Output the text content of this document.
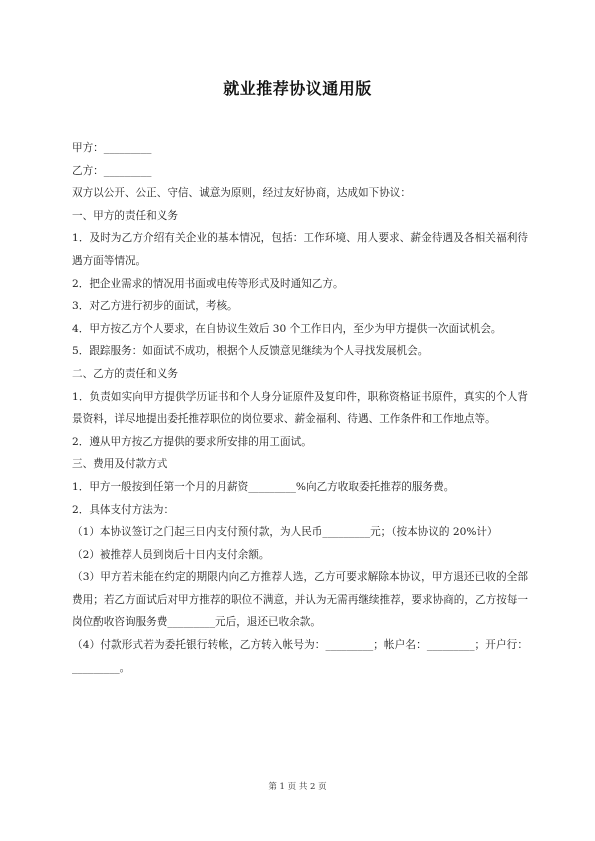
就业推荐协议通用版

甲方：_________

乙方：_________

双方以公开、公正、守信、诚意为原则，经过友好协商，达成如下协议：

一、甲方的责任和义务

1．及时为乙方介绍有关企业的基本情况，包括：工作环境、用人要求、薪金待遇及各相关福利待遇方面等情况。

2．把企业需求的情况用书面或电传等形式及时通知乙方。

3．对乙方进行初步的面试，考核。

4．甲方按乙方个人要求，在自协议生效后 30 个工作日内，至少为甲方提供一次面试机会。

5．跟踪服务：如面试不成功，根据个人反馈意见继续为个人寻找发展机会。

二、乙方的责任和义务

1．负责如实向甲方提供学历证书和个人身分证原件及复印件，职称资格证书原件，真实的个人背景资料，详尽地提出委托推荐职位的岗位要求、薪金福利、待遇、工作条件和工作地点等。

2．遵从甲方按乙方提供的要求所安排的用工面试。

三、费用及付款方式

1．甲方一般按到任第一个月的月薪资_________%向乙方收取委托推荐的服务费。

2．具体支付方法为：

（1）本协议签订之门起三日内支付预付款，为人民币_________元；（按本协议的 20%计）

（2）被推荐人员到岗后十日内支付余额。

（3）甲方若未能在约定的期限内向乙方推荐人选，乙方可要求解除本协议，甲方退还已收的全部费用；若乙方面试后对甲方推荐的职位不满意，并认为无需再继续推荐，要求协商的，乙方按每一岗位酌收咨询服务费_________元后，退还已收余款。

（4）付款形式若为委托银行转帐，乙方转入帐号为：_________；帐户名：_________；开户行：_________。

第 1 页 共 2 页
